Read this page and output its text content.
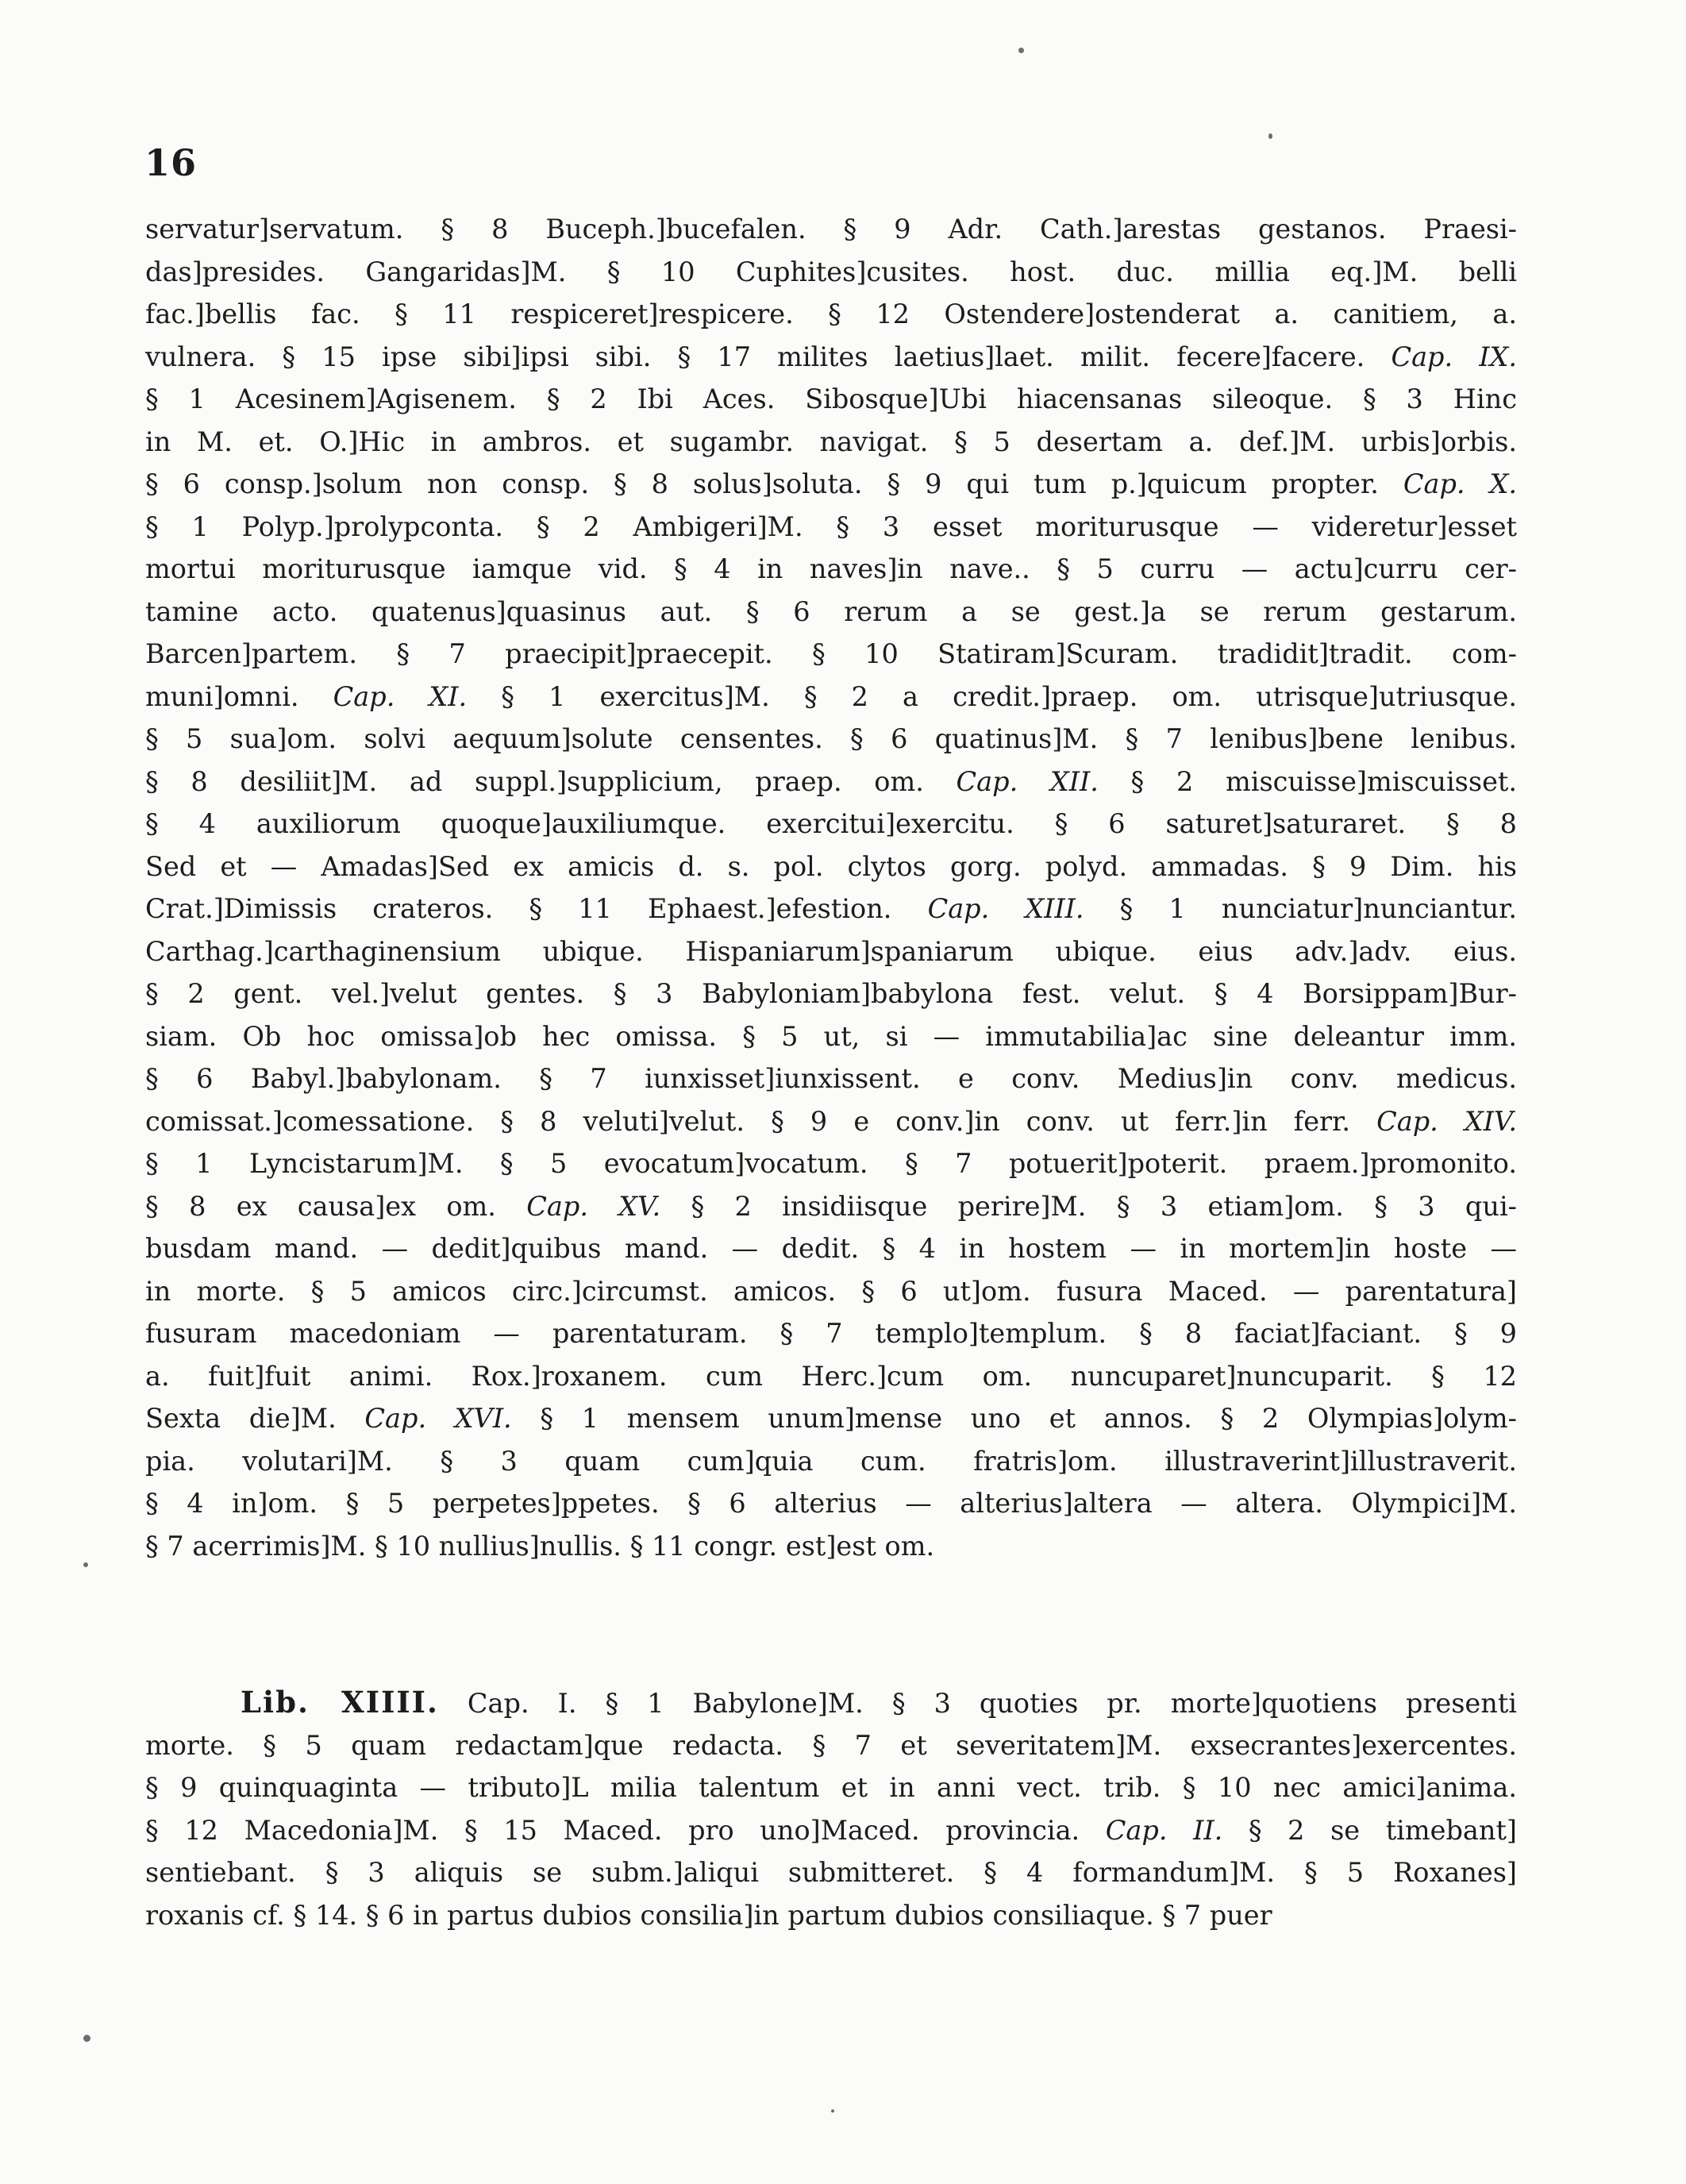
16
servatur]servatum. § 8 Buceph.]bucefalen. § 9 Adr. Cath.]arestas gestanos. Praesi-
das]presides. Gangaridas]M. § 10 Cuphites]cusites. host. duc. millia eq.]M. belli
fac.]bellis fac. § 11 respiceret]respicere. § 12 Ostendere]ostenderat a. canitiem, a.
vulnera. § 15 ipse sibi]ipsi sibi. § 17 milites laetius]laet. milit. fecere]facere. Cap. IX.
§ 1 Acesinem]Agisenem. § 2 Ibi Aces. Sibosque]Ubi hiacensanas sileoque. § 3 Hinc
in M. et. O.]Hic in ambros. et sugambr. navigat. § 5 desertam a. def.]M. urbis]orbis.
§ 6 consp.]solum non consp. § 8 solus]soluta. § 9 qui tum p.]quicum propter. Cap. X.
§ 1 Polyp.]prolypconta. § 2 Ambigeri]M. § 3 esset moriturusque — videretur]esset
mortui moriturusque iamque vid. § 4 in naves]in nave.. § 5 curru — actu]curru cer-
tamine acto. quatenus]quasinus aut. § 6 rerum a se gest.]a se rerum gestarum.
Barcen]partem. § 7 praecipit]praecepit. § 10 Statiram]Scuram. tradidit]tradit. com-
muni]omni. Cap. XI. § 1 exercitus]M. § 2 a credit.]praep. om. utrisque]utriusque.
§ 5 sua]om. solvi aequum]solute censentes. § 6 quatinus]M. § 7 lenibus]bene lenibus.
§ 8 desiliit]M. ad suppl.]supplicium, praep. om. Cap. XII. § 2 miscuisse]miscuisset.
§ 4 auxiliorum quoque]auxiliumque. exercitui]exercitu. § 6 saturet]saturaret. § 8
Sed et — Amadas]Sed ex amicis d. s. pol. clytos gorg. polyd. ammadas. § 9 Dim. his
Crat.]Dimissis crateros. § 11 Ephaest.]efestion. Cap. XIII. § 1 nunciatur]nunciantur.
Carthag.]carthaginensium ubique. Hispaniarum]spaniarum ubique. eius adv.]adv. eius.
§ 2 gent. vel.]velut gentes. § 3 Babyloniam]babylona fest. velut. § 4 Borsippam]Bur-
siam. Ob hoc omissa]ob hec omissa. § 5 ut, si — immutabilia]ac sine deleantur imm.
§ 6 Babyl.]babylonam. § 7 iunxisset]iunxissent. e conv. Medius]in conv. medicus.
comissat.]comessatione. § 8 veluti]velut. § 9 e conv.]in conv. ut ferr.]in ferr. Cap. XIV.
§ 1 Lyncistarum]M. § 5 evocatum]vocatum. § 7 potuerit]poterit. praem.]promonito.
§ 8 ex causa]ex om. Cap. XV. § 2 insidiisque perire]M. § 3 etiam]om. § 3 qui-
busdam mand. — dedit]quibus mand. — dedit. § 4 in hostem — in mortem]in hoste —
in morte. § 5 amicos circ.]circumst. amicos. § 6 ut]om. fusura Maced. — parentatura]
fusuram macedoniam — parentaturam. § 7 templo]templum. § 8 faciat]faciant. § 9
a. fuit]fuit animi. Rox.]roxanem. cum Herc.]cum om. nuncuparet]nuncuparit. § 12
Sexta die]M. Cap. XVI. § 1 mensem unum]mense uno et annos. § 2 Olympias]olym-
pia. volutari]M. § 3 quam cum]quia cum. fratris]om. illustraverint]illustraverit.
§ 4 in]om. § 5 perpetes]ppetes. § 6 alterius — alterius]altera — altera. Olympici]M.
§ 7 acerrimis]M. § 10 nullius]nullis. § 11 congr. est]est om.
Lib. XIIII. Cap. I. § 1 Babylone]M. § 3 quoties pr. morte]quotiens presenti
morte. § 5 quam redactam]que redacta. § 7 et severitatem]M. exsecrantes]exercentes.
§ 9 quinquaginta — tributo]L milia talentum et in anni vect. trib. § 10 nec amici]anima.
§ 12 Macedonia]M. § 15 Maced. pro uno]Maced. provincia. Cap. II. § 2 se timebant]
sentiebant. § 3 aliquis se subm.]aliqui submitteret. § 4 formandum]M. § 5 Roxanes]
roxanis cf. § 14. § 6 in partus dubios consilia]in partum dubios consiliaque. § 7 puer
